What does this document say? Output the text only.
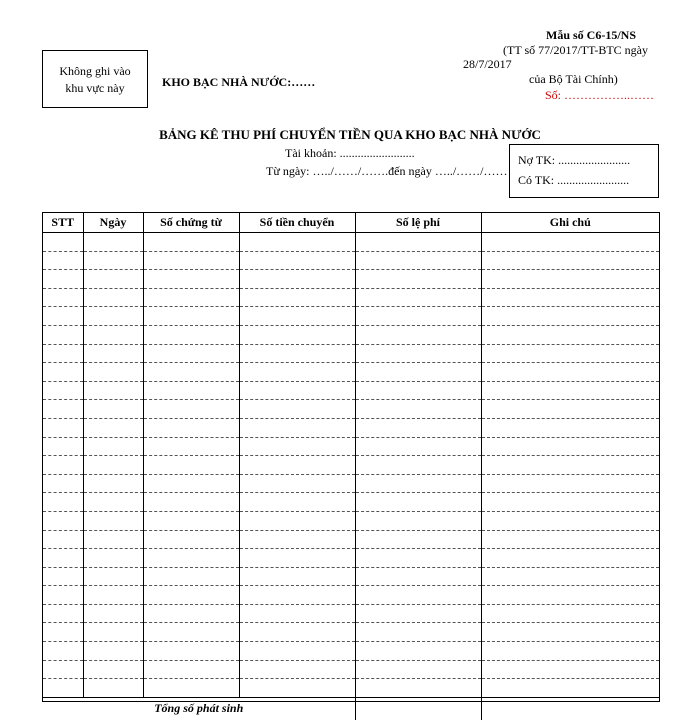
Không ghi vào
khu vực này	KHO BẠC NHÀ NƯỚC:……
Mẫu số C6-15/NS
(TT số 77/2017/TT-BTC ngày
28/7/2017
của Bộ Tài Chính)
Số: ……………..……
BẢNG KÊ THU PHÍ CHUYỂN TIỀN QUA KHO BẠC NHÀ NƯỚC
Tài khoản: .........................
Từ ngày: …../……/…….đến ngày …../……/……
Nợ TK: ........................
Có TK: ........................
STT	Ngày	Số chứng từ	Số tiền chuyển	Số lệ phí	Ghi chú

Tổng số phát sinh					
